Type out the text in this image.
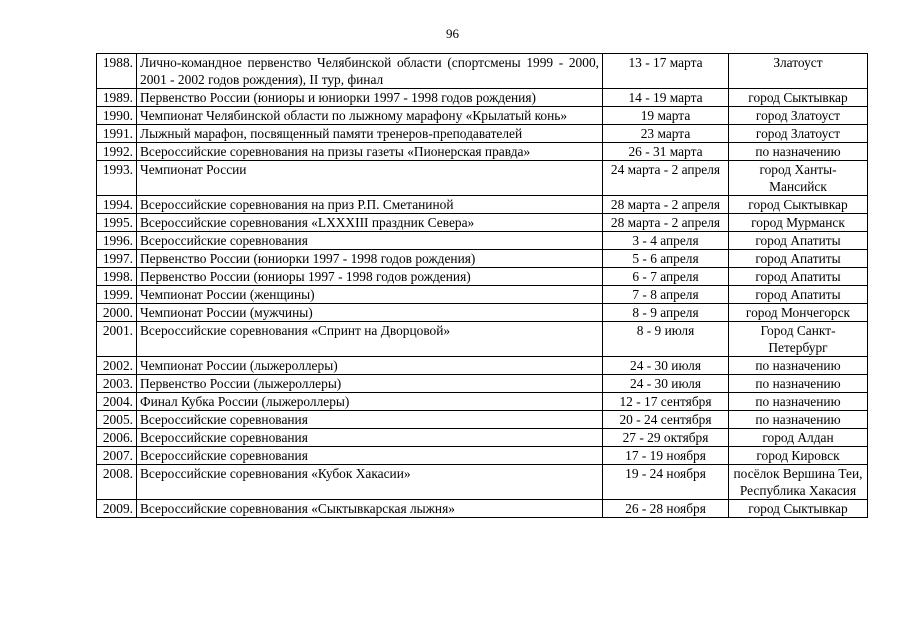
96
1988.	Лично-командное первенство Челябинской области (спортсмены 1999 - 2000, 2001 - 2002 годов рождения), II тур, финал	13 - 17 марта	Златоуст
1989.	Первенство России (юниоры и юниорки 1997 - 1998 годов рождения)	14 - 19 марта	город Сыктывкар
1990.	Чемпионат Челябинской области по лыжному марафону «Крылатый конь»	19 марта	город Златоуст
1991.	Лыжный марафон, посвященный памяти тренеров-преподавателей	23 марта	город Златоуст
1992.	Всероссийские соревнования на призы газеты «Пионерская правда»	26 - 31 марта	по назначению
1993.	Чемпионат России	24 марта - 2 апреля	город Ханты-Мансийск
1994.	Всероссийские соревнования на приз Р.П. Сметаниной	28 марта - 2 апреля	город Сыктывкар
1995.	Всероссийские соревнования «LXXXIII праздник Севера»	28 марта - 2 апреля	город Мурманск
1996.	Всероссийские соревнования	3 - 4 апреля	город Апатиты
1997.	Первенство России (юниорки 1997 - 1998 годов рождения)	5 - 6 апреля	город Апатиты
1998.	Первенство России (юниоры 1997 - 1998 годов рождения)	6 - 7 апреля	город Апатиты
1999.	Чемпионат России (женщины)	7 - 8 апреля	город Апатиты
2000.	Чемпионат России (мужчины)	8 - 9 апреля	город Мончегорск
2001.	Всероссийские соревнования «Спринт на Дворцовой»	8 - 9 июля	Город Санкт-Петербург
2002.	Чемпионат России (лыжероллеры)	24 - 30 июля	по назначению
2003.	Первенство России (лыжероллеры)	24 - 30 июля	по назначению
2004.	Финал Кубка России (лыжероллеры)	12 - 17 сентября	по назначению
2005.	Всероссийские соревнования	20 - 24 сентября	по назначению
2006.	Всероссийские соревнования	27 - 29 октября	город Алдан
2007.	Всероссийские соревнования	17 - 19 ноября	город Кировск
2008.	Всероссийские соревнования «Кубок Хакасии»	19 - 24 ноября	посёлок Вершина Теи, Республика Хакасия
2009.	Всероссийские соревнования «Сыктывкарская лыжня»	26 - 28 ноября	город Сыктывкар
